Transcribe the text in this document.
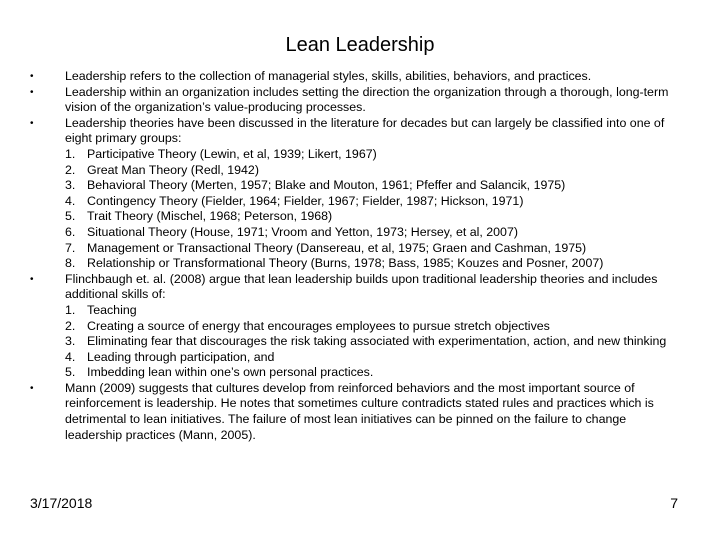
Lean Leadership
• Leadership refers to the collection of managerial styles, skills, abilities, behaviors, and practices.
• Leadership within an organization includes setting the direction the organization through a thorough, long-term vision of the organization’s value-producing processes.
• Leadership theories have been discussed in the literature for decades but can largely be classified into one of eight primary groups:
1. Participative Theory (Lewin, et al, 1939; Likert, 1967)
2. Great Man Theory (Redl, 1942)
3. Behavioral Theory (Merten, 1957; Blake and Mouton, 1961; Pfeffer and Salancik, 1975)
4. Contingency Theory (Fielder, 1964; Fielder, 1967; Fielder, 1987; Hickson, 1971)
5. Trait Theory (Mischel, 1968; Peterson, 1968)
6. Situational Theory (House, 1971; Vroom and Yetton, 1973; Hersey, et al, 2007)
7. Management or Transactional Theory (Dansereau, et al, 1975; Graen and Cashman, 1975)
8. Relationship or Transformational Theory (Burns, 1978; Bass, 1985; Kouzes and Posner, 2007)
• Flinchbaugh et. al. (2008) argue that lean leadership builds upon traditional leadership theories and includes additional skills of:
1. Teaching
2. Creating a source of energy that encourages employees to pursue stretch objectives
3. Eliminating fear that discourages the risk taking associated with experimentation, action, and new thinking
4. Leading through participation, and
5. Imbedding lean within one’s own personal practices.
• Mann (2009) suggests that cultures develop from reinforced behaviors and the most important source of reinforcement is leadership. He notes that sometimes culture contradicts stated rules and practices which is detrimental to lean initiatives. The failure of most lean initiatives can be pinned on the failure to change leadership practices (Mann, 2005).
3/17/2018	7
